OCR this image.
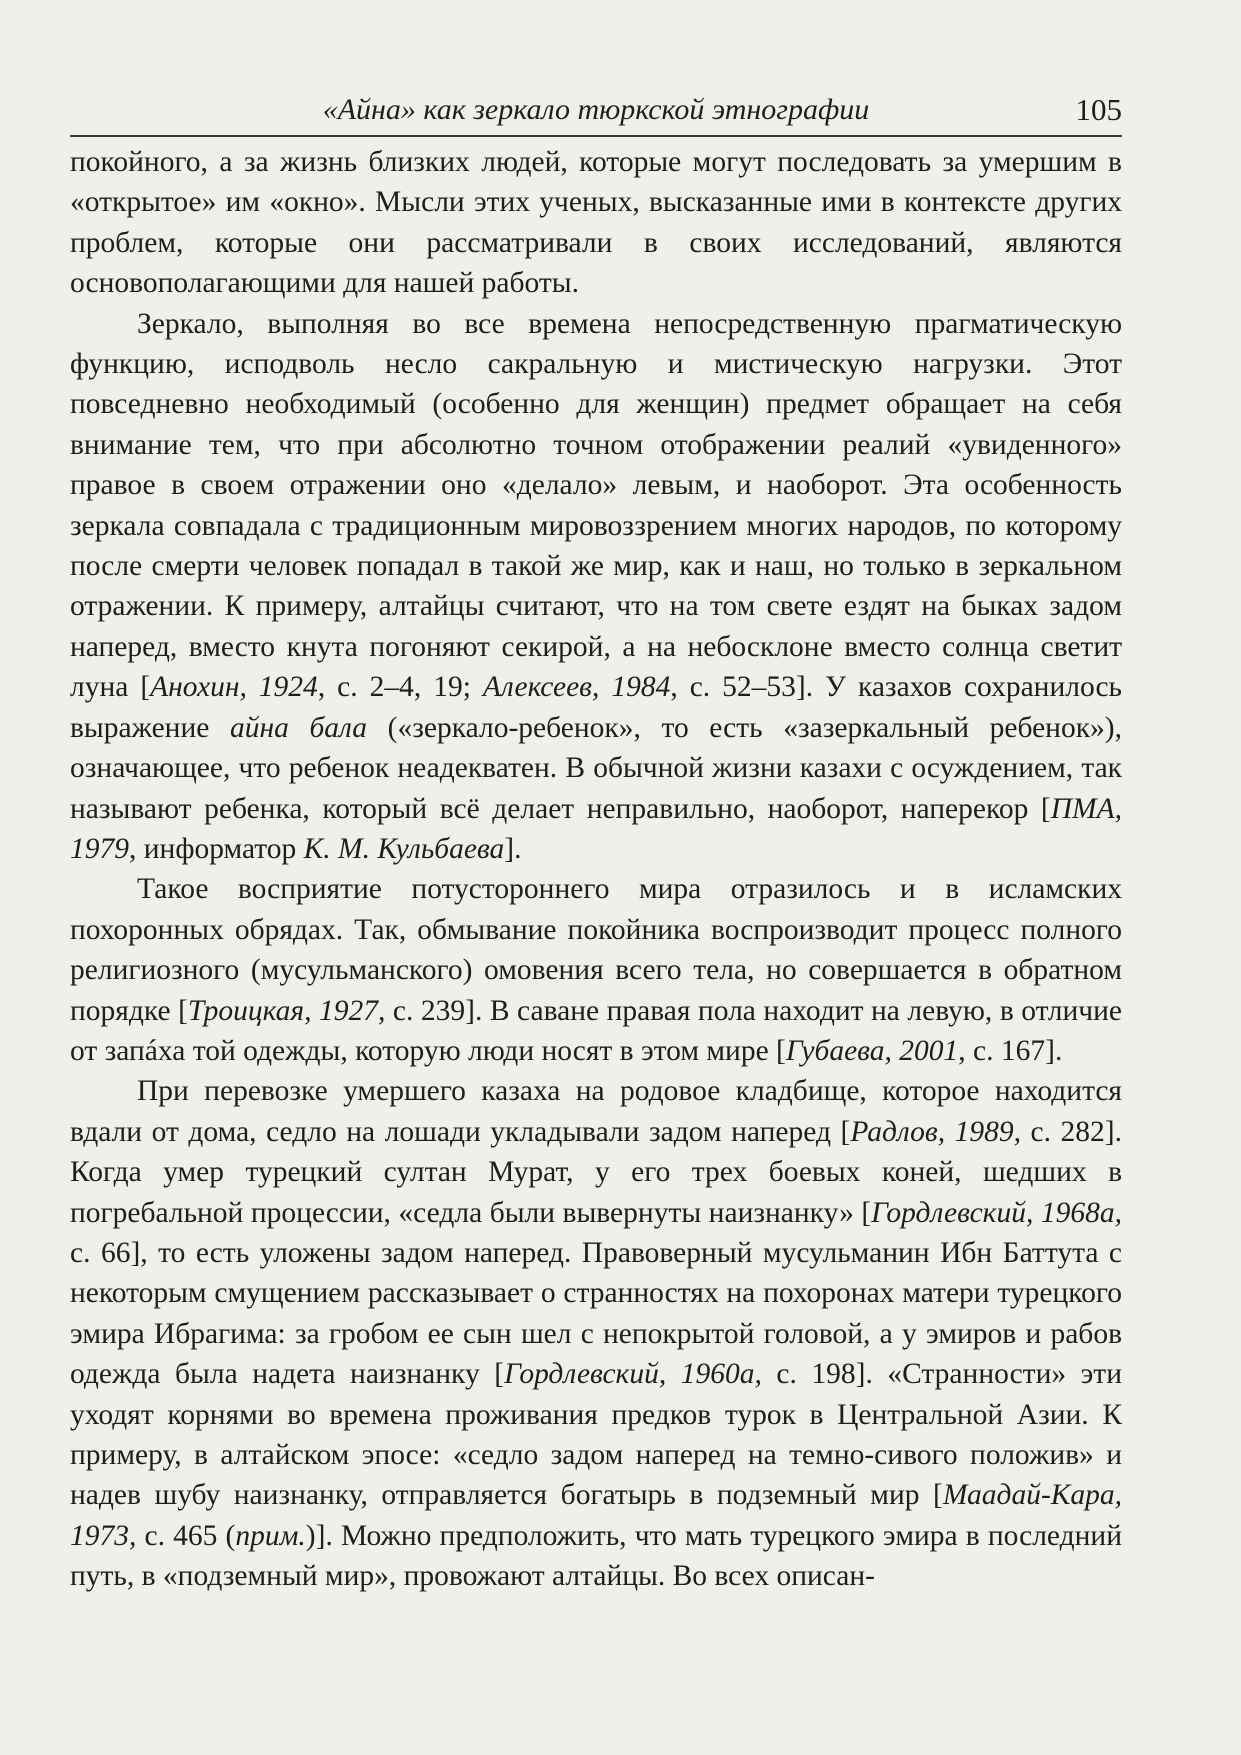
«Айна» как зеркало тюркской этнографии	105

покойного, а за жизнь близких людей, которые могут последовать за умершим в «открытое» им «окно». Мысли этих ученых, высказанные ими в контексте других проблем, которые они рассматривали в своих исследований, являются основополагающими для нашей работы.

Зеркало, выполняя во все времена непосредственную прагматическую функцию, исподволь несло сакральную и мистическую нагрузки. Этот повседневно необходимый (особенно для женщин) предмет обращает на себя внимание тем, что при абсолютно точном отображении реалий «увиденного» правое в своем отражении оно «делало» левым, и наоборот. Эта особенность зеркала совпадала с традиционным мировоззрением многих народов, по которому после смерти человек попадал в такой же мир, как и наш, но только в зеркальном отражении. К примеру, алтайцы считают, что на том свете ездят на быках задом наперед, вместо кнута погоняют секирой, а на небосклоне вместо солнца светит луна [Анохин, 1924, с. 2–4, 19; Алексеев, 1984, с. 52–53]. У казахов сохранилось выражение айна бала («зеркало-ребенок», то есть «зазеркальный ребенок»), означающее, что ребенок неадекватен. В обычной жизни казахи с осуждением, так называют ребенка, который всё делает неправильно, наоборот, наперекор [ПМА, 1979, информатор К. М. Кульбаева].

Такое восприятие потустороннего мира отразилось и в исламских похоронных обрядах. Так, обмывание покойника воспроизводит процесс полного религиозного (мусульманского) омовения всего тела, но совершается в обратном порядке [Троицкая, 1927, с. 239]. В саване правая пола находит на левую, в отличие от запáха той одежды, которую люди носят в этом мире [Губаева, 2001, с. 167].

При перевозке умершего казаха на родовое кладбище, которое находится вдали от дома, седло на лошади укладывали задом наперед [Радлов, 1989, с. 282]. Когда умер турецкий султан Мурат, у его трех боевых коней, шедших в погребальной процессии, «седла были вывернуты наизнанку» [Гордлевский, 1968а, с. 66], то есть уложены задом наперед. Правоверный мусульманин Ибн Баттута с некоторым смущением рассказывает о странностях на похоронах матери турецкого эмира Ибрагима: за гробом ее сын шел с непокрытой головой, а у эмиров и рабов одежда была надета наизнанку [Гордлевский, 1960а, с. 198]. «Странности» эти уходят корнями во времена проживания предков турок в Центральной Азии. К примеру, в алтайском эпосе: «седло задом наперед на темно-сивого положив» и надев шубу наизнанку, отправляется богатырь в подземный мир [Маадай-Кара, 1973, с. 465 (прим.)]. Можно предположить, что мать турецкого эмира в последний путь, в «подземный мир», провожают алтайцы. Во всех описан-
